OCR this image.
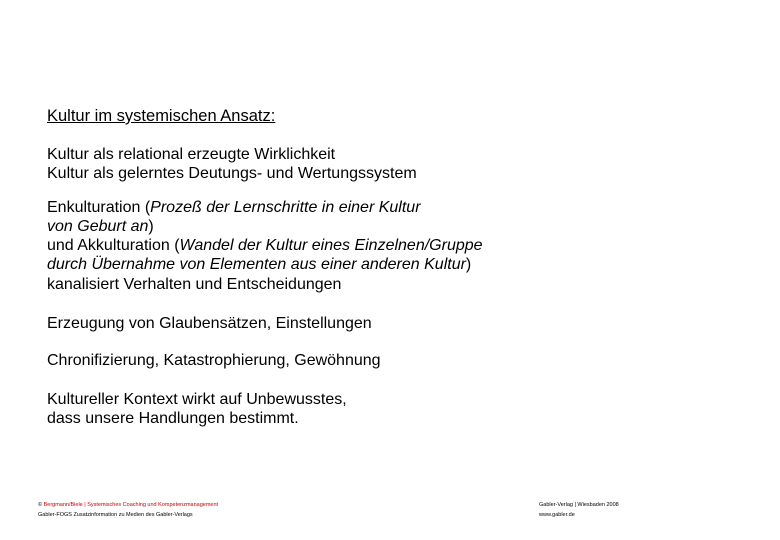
Kultur im systemischen Ansatz:

Kultur als relational erzeugte Wirklichkeit
Kultur als gelerntes Deutungs- und Wertungssystem

Enkulturation (Prozeß der Lernschritte in einer Kultur
von Geburt an)
und Akkulturation (Wandel der Kultur eines Einzelnen/Gruppe
durch Übernahme von Elementen aus einer anderen Kultur)
kanalisiert Verhalten und Entscheidungen

Erzeugung von Glaubensätzen, Einstellungen

Chronifizierung, Katastrophierung, Gewöhnung

Kultureller Kontext wirkt auf Unbewusstes,
dass unsere Handlungen bestimmt.

© Bergmann/Biele | Systemisches Coaching und Kompetenzmanagement
Gabler-FOGS Zusatzinformation zu Medien des Gabler-Verlags
Gabler-Verlag | Wiesbaden 2008
www.gabler.de
